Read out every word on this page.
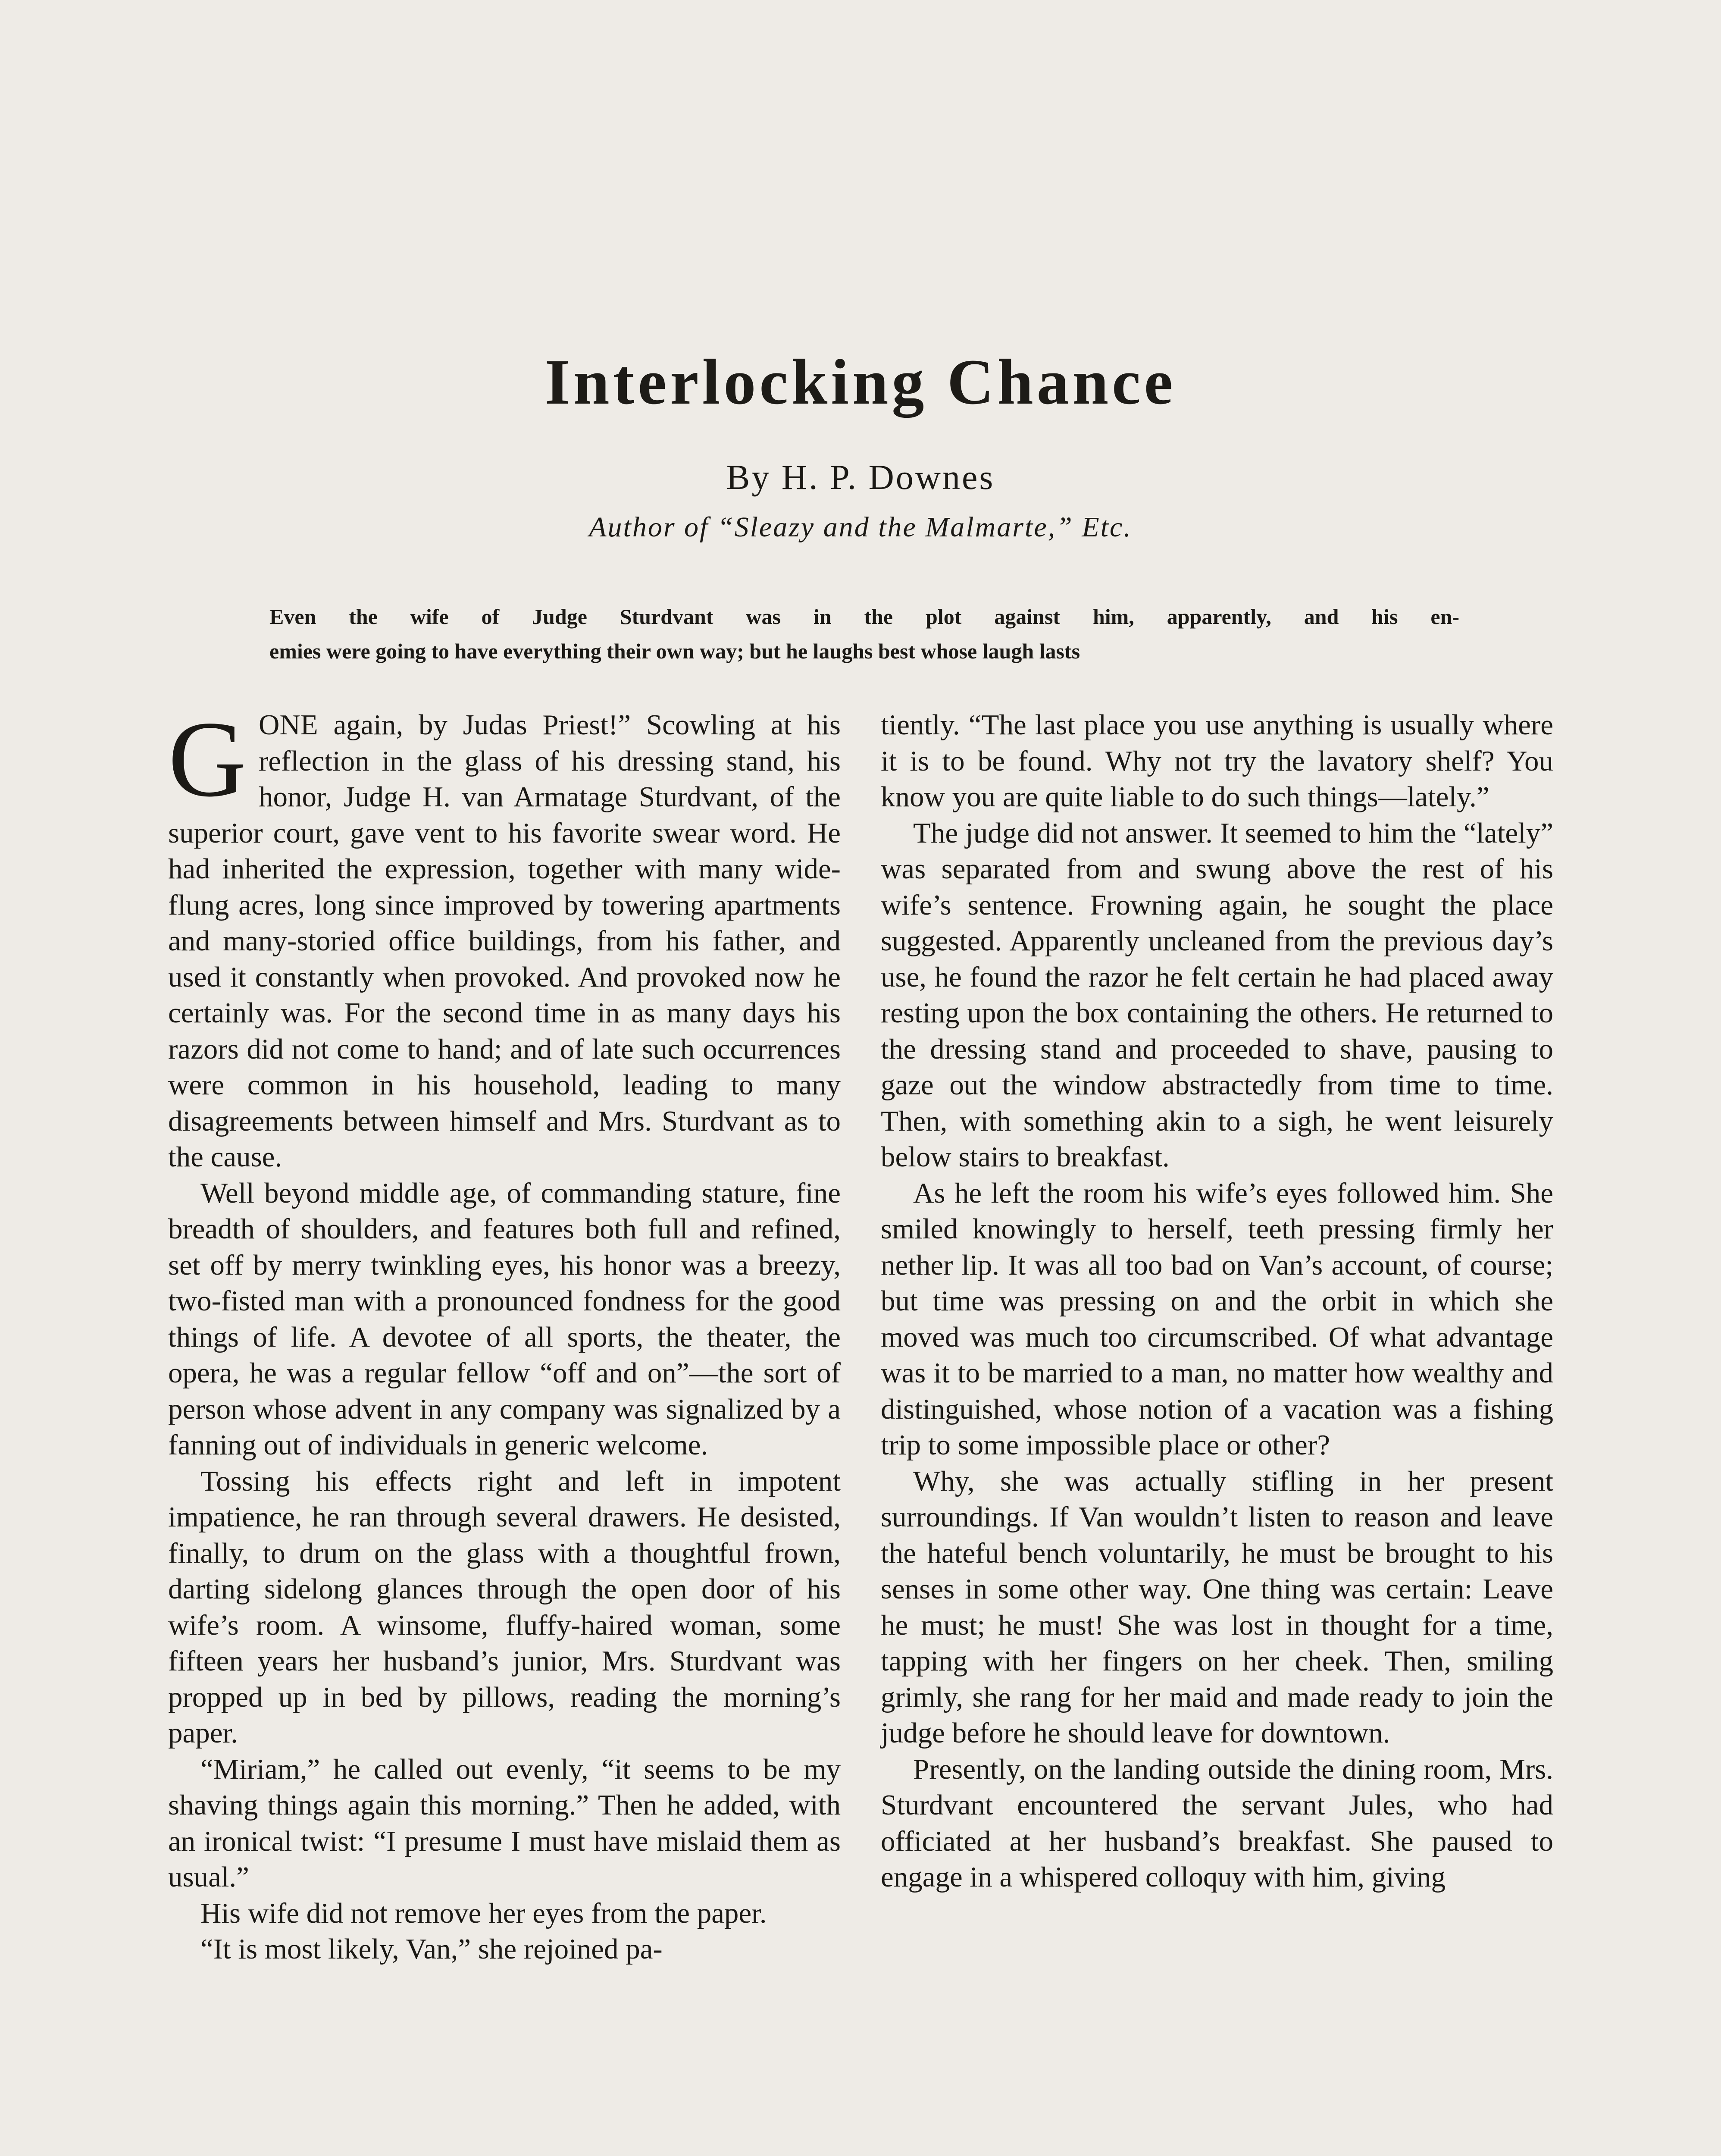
Interlocking Chance
By H. P. Downes
Author of “Sleazy and the Malmarte,” Etc.
Even the wife of Judge Sturdvant was in the plot against him, apparently, and his en-
emies were going to have everything their own way; but he laughs best whose laugh lasts

GONE again, by Judas Priest!” Scowling at his reflection in the glass of his dressing stand, his honor, Judge H. van Armatage Sturdvant, of the superior court, gave vent to his favorite swear word. He had inherited the expression, together with many wide-flung acres, long since improved by towering apartments and many-storied office buildings, from his father, and used it constantly when provoked. And provoked now he certainly was. For the second time in as many days his razors did not come to hand; and of late such occurrences were common in his household, leading to many disagreements between himself and Mrs. Sturdvant as to the cause.

Well beyond middle age, of commanding stature, fine breadth of shoulders, and features both full and refined, set off by merry twinkling eyes, his honor was a breezy, two-fisted man with a pronounced fondness for the good things of life. A devotee of all sports, the theater, the opera, he was a regular fellow “off and on”—the sort of person whose advent in any company was signalized by a fanning out of individuals in generic welcome.

Tossing his effects right and left in impotent impatience, he ran through several drawers. He desisted, finally, to drum on the glass with a thoughtful frown, darting sidelong glances through the open door of his wife’s room. A winsome, fluffy-haired woman, some fifteen years her husband’s junior, Mrs. Sturdvant was propped up in bed by pillows, reading the morning’s paper.

“Miriam,” he called out evenly, “it seems to be my shaving things again this morning.” Then he added, with an ironical twist: “I presume I must have mislaid them as usual.”

His wife did not remove her eyes from the paper.

“It is most likely, Van,” she rejoined pa-

tiently. “The last place you use anything is usually where it is to be found. Why not try the lavatory shelf? You know you are quite liable to do such things—lately.”

The judge did not answer. It seemed to him the “lately” was separated from and swung above the rest of his wife’s sentence. Frowning again, he sought the place suggested. Apparently uncleaned from the previous day’s use, he found the razor he felt certain he had placed away resting upon the box containing the others. He returned to the dressing stand and proceeded to shave, pausing to gaze out the window abstractedly from time to time. Then, with something akin to a sigh, he went leisurely below stairs to breakfast.

As he left the room his wife’s eyes followed him. She smiled knowingly to herself, teeth pressing firmly her nether lip. It was all too bad on Van’s account, of course; but time was pressing on and the orbit in which she moved was much too circumscribed. Of what advantage was it to be married to a man, no matter how wealthy and distinguished, whose notion of a vacation was a fishing trip to some impossible place or other?

Why, she was actually stifling in her present surroundings. If Van wouldn’t listen to reason and leave the hateful bench voluntarily, he must be brought to his senses in some other way. One thing was certain: Leave he must; he must! She was lost in thought for a time, tapping with her fingers on her cheek. Then, smiling grimly, she rang for her maid and made ready to join the judge before he should leave for downtown.

Presently, on the landing outside the dining room, Mrs. Sturdvant encountered the servant Jules, who had officiated at her husband’s breakfast. She paused to engage in a whispered colloquy with him, giving
